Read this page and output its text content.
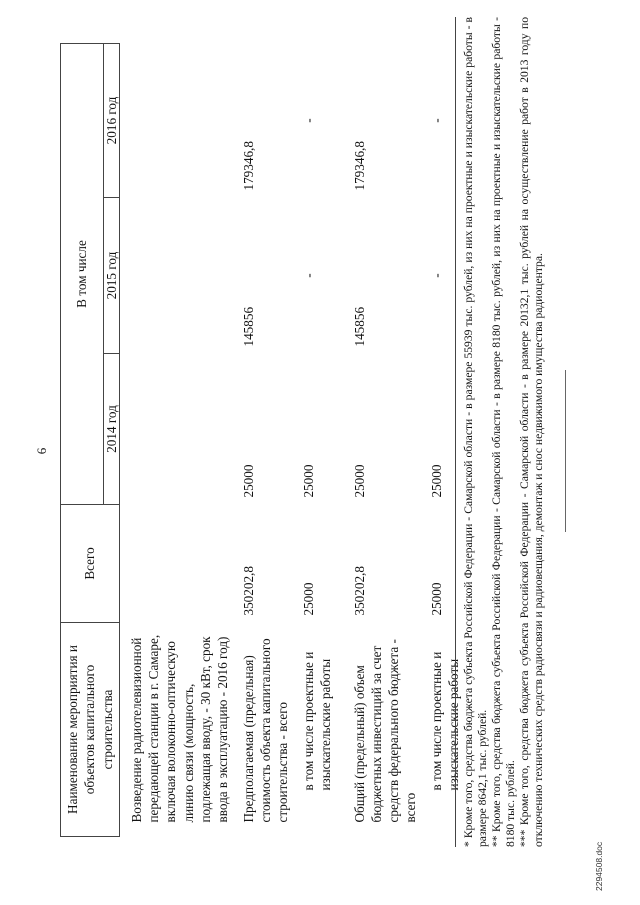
6
Наименование мероприятия и объектов капитального строительства	Всего	В том числе		
		2014 год	2015 год	2016 год
Возведение радиотелевизионной передающей станции в г. Самаре, включая волоконно-оптическую линию связи (мощность, подлежащая вводу, - 30 кВт, срок ввода в эксплуатацию - 2016 год)				
Предполагаемая (предельная) стоимость объекта капитального строительства - всего	350202,8	25000	145856	179346,8
в том числе проектные и изыскательские работы	25000	25000	-	-
Общий (предельный) объем бюджетных инвестиций за счет средств федерального бюджета - всего	350202,8	25000	145856	179346,8
в том числе проектные и изыскательские работы	25000	25000	-	- * Кроме того, средства бюджета субъекта Российской Федерации - Самарской области - в размере 55939 тыс. рублей, из них на проектные и изыскательские работы - в размере 8642,1 тыс. рублей. ** Кроме того, средства бюджета субъекта Российской Федерации - Самарской области - в размере 8180 тыс. рублей, из них на проектные и изыскательские работы - 8180 тыс. рублей. *** Кроме того, средства бюджета субъекта Российской Федерации - Самарской области - в размере 20132,1 тыс. рублей на осуществление работ в 2013 году по отключению технических средств радиосвязи и радиовещания, демонтаж и снос недвижимого имущества радиоцентра.

2294508.doc
